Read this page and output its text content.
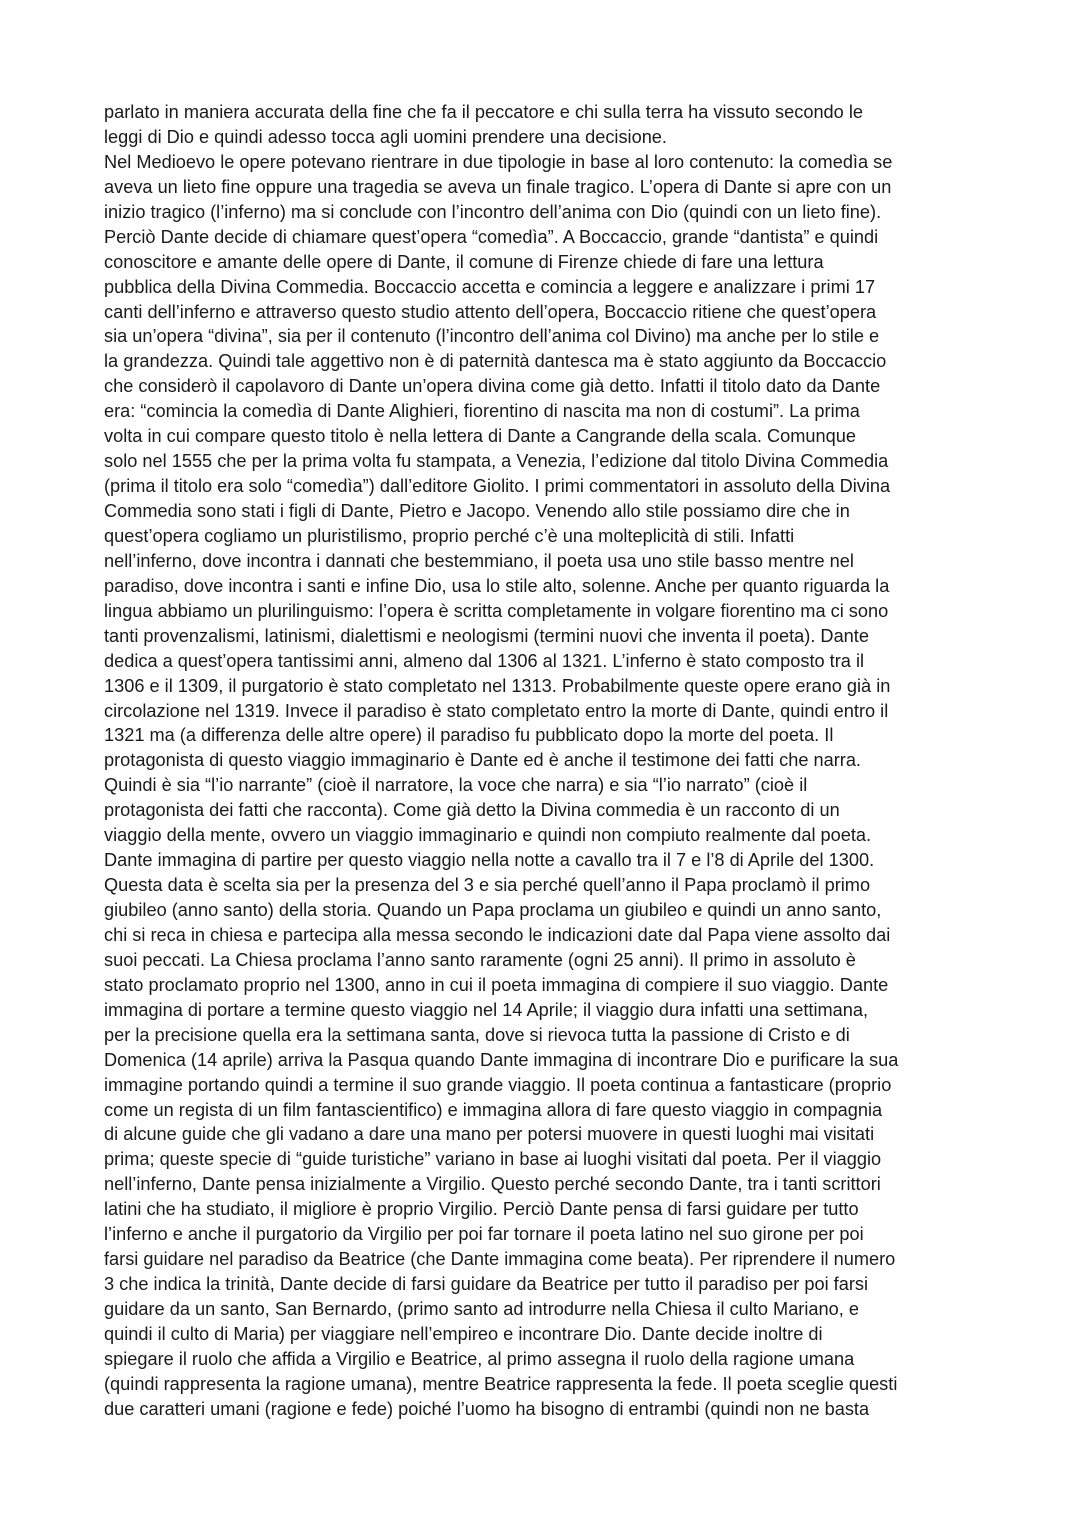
parlato in maniera accurata della fine che fa il peccatore e chi sulla terra ha vissuto secondo le
leggi di Dio e quindi adesso tocca agli uomini prendere una decisione.
Nel Medioevo le opere potevano rientrare in due tipologie in base al loro contenuto: la comedìa se
aveva un lieto fine oppure una tragedia se aveva un finale tragico. L’opera di Dante si apre con un
inizio tragico (l’inferno) ma si conclude con l’incontro dell’anima con Dio (quindi con un lieto fine).
Perciò Dante decide di chiamare quest’opera “comedìa”. A Boccaccio, grande “dantista” e quindi
conoscitore e amante delle opere di Dante, il comune di Firenze chiede di fare una lettura
pubblica della Divina Commedia. Boccaccio accetta e comincia a leggere e analizzare i primi 17
canti dell’inferno e attraverso questo studio attento dell’opera, Boccaccio ritiene che quest’opera
sia un’opera “divina”, sia per il contenuto (l’incontro dell’anima col Divino) ma anche per lo stile e
la grandezza. Quindi tale aggettivo non è di paternità dantesca ma è stato aggiunto da Boccaccio
che considerò il capolavoro di Dante un’opera divina come già detto. Infatti il titolo dato da Dante
era: “comincia la comedìa di Dante Alighieri, fiorentino di nascita ma non di costumi”. La prima
volta in cui compare questo titolo è nella lettera di Dante a Cangrande della scala. Comunque
solo nel 1555 che per la prima volta fu stampata, a Venezia, l’edizione dal titolo Divina Commedia
(prima il titolo era solo “comedìa”) dall’editore Giolito. I primi commentatori in assoluto della Divina
Commedia sono stati i figli di Dante, Pietro e Jacopo. Venendo allo stile possiamo dire che in
quest’opera cogliamo un pluristilismo, proprio perché c’è una molteplicità di stili. Infatti
nell’inferno, dove incontra i dannati che bestemmiano, il poeta usa uno stile basso mentre nel
paradiso, dove incontra i santi e infine Dio, usa lo stile alto, solenne. Anche per quanto riguarda la
lingua abbiamo un plurilinguismo: l’opera è scritta completamente in volgare fiorentino ma ci sono
tanti provenzalismi, latinismi, dialettismi e neologismi (termini nuovi che inventa il poeta). Dante
dedica a quest’opera tantissimi anni, almeno dal 1306 al 1321. L’inferno è stato composto tra il
1306 e il 1309, il purgatorio è stato completato nel 1313. Probabilmente queste opere erano già in
circolazione nel 1319. Invece il paradiso è stato completato entro la morte di Dante, quindi entro il
1321 ma (a differenza delle altre opere) il paradiso fu pubblicato dopo la morte del poeta. Il
protagonista di questo viaggio immaginario è Dante ed è anche il testimone dei fatti che narra.
Quindi è sia “l’io narrante” (cioè il narratore, la voce che narra) e sia “l’io narrato” (cioè il
protagonista dei fatti che racconta). Come già detto la Divina commedia è un racconto di un
viaggio della mente, ovvero un viaggio immaginario e quindi non compiuto realmente dal poeta.
Dante immagina di partire per questo viaggio nella notte a cavallo tra il 7 e l’8 di Aprile del 1300.
Questa data è scelta sia per la presenza del 3 e sia perché quell’anno il Papa proclamò il primo
giubileo (anno santo) della storia. Quando un Papa proclama un giubileo e quindi un anno santo,
chi si reca in chiesa e partecipa alla messa secondo le indicazioni date dal Papa viene assolto dai
suoi peccati. La Chiesa proclama l’anno santo raramente (ogni 25 anni). Il primo in assoluto è
stato proclamato proprio nel 1300, anno in cui il poeta immagina di compiere il suo viaggio. Dante
immagina di portare a termine questo viaggio nel 14 Aprile; il viaggio dura infatti una settimana,
per la precisione quella era la settimana santa, dove si rievoca tutta la passione di Cristo e di
Domenica (14 aprile) arriva la Pasqua quando Dante immagina di incontrare Dio e purificare la sua
immagine portando quindi a termine il suo grande viaggio. Il poeta continua a fantasticare (proprio
come un regista di un film fantascientifico) e immagina allora di fare questo viaggio in compagnia
di alcune guide che gli vadano a dare una mano per potersi muovere in questi luoghi mai visitati
prima; queste specie di “guide turistiche” variano in base ai luoghi visitati dal poeta. Per il viaggio
nell’inferno, Dante pensa inizialmente a Virgilio. Questo perché secondo Dante, tra i tanti scrittori
latini che ha studiato, il migliore è proprio Virgilio. Perciò Dante pensa di farsi guidare per tutto
l’inferno e anche il purgatorio da Virgilio per poi far tornare il poeta latino nel suo girone per poi
farsi guidare nel paradiso da Beatrice (che Dante immagina come beata). Per riprendere il numero
3 che indica la trinità, Dante decide di farsi guidare da Beatrice per tutto il paradiso per poi farsi
guidare da un santo, San Bernardo, (primo santo ad introdurre nella Chiesa il culto Mariano, e
quindi il culto di Maria) per viaggiare nell’empireo e incontrare Dio. Dante decide inoltre di
spiegare il ruolo che affida a Virgilio e Beatrice, al primo assegna il ruolo della ragione umana
(quindi rappresenta la ragione umana), mentre Beatrice rappresenta la fede. Il poeta sceglie questi
due caratteri umani (ragione e fede) poiché l’uomo ha bisogno di entrambi (quindi non ne basta
